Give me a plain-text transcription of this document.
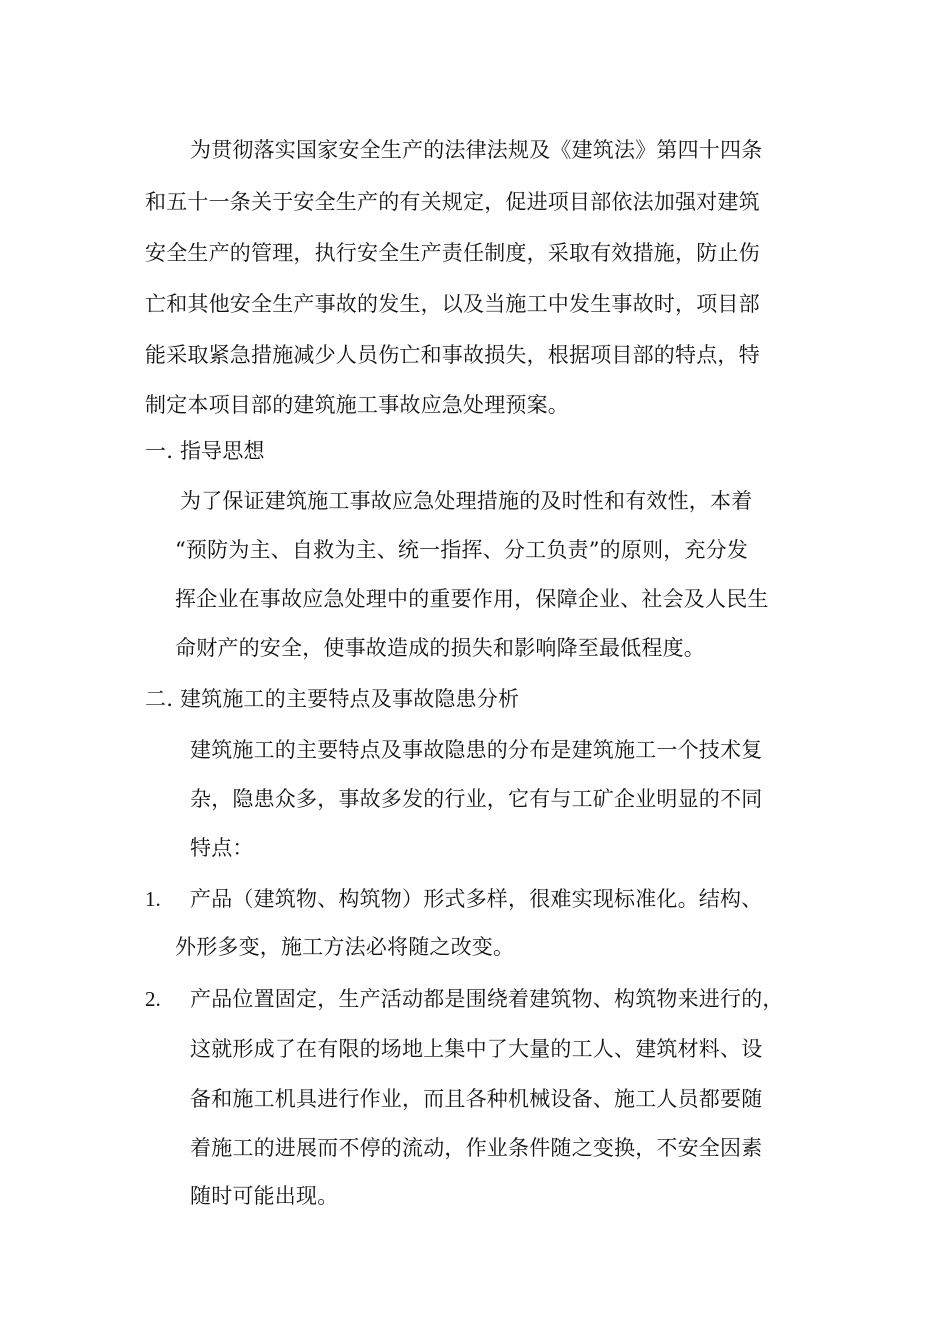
为贯彻落实国家安全生产的法律法规及《建筑法》第四十四条
和五十一条关于安全生产的有关规定，促进项目部依法加强对建筑
安全生产的管理，执行安全生产责任制度，采取有效措施，防止伤
亡和其他安全生产事故的发生，以及当施工中发生事故时，项目部
能采取紧急措施减少人员伤亡和事故损失，根据项目部的特点，特
制定本项目部的建筑施工事故应急处理预案。
一. 指导思想
为了保证建筑施工事故应急处理措施的及时性和有效性，本着
“预防为主、自救为主、统一指挥、分工负责”的原则，充分发
挥企业在事故应急处理中的重要作用，保障企业、社会及人民生
命财产的安全，使事故造成的损失和影响降至最低程度。
二. 建筑施工的主要特点及事故隐患分析
建筑施工的主要特点及事故隐患的分布是建筑施工一个技术复
杂，隐患众多，事故多发的行业，它有与工矿企业明显的不同
特点：
1. 产品（建筑物、构筑物）形式多样，很难实现标准化。结构、
外形多变，施工方法必将随之改变。
2. 产品位置固定，生产活动都是围绕着建筑物、构筑物来进行的，
这就形成了在有限的场地上集中了大量的工人、建筑材料、设
备和施工机具进行作业，而且各种机械设备、施工人员都要随
着施工的进展而不停的流动，作业条件随之变换，不安全因素
随时可能出现。
